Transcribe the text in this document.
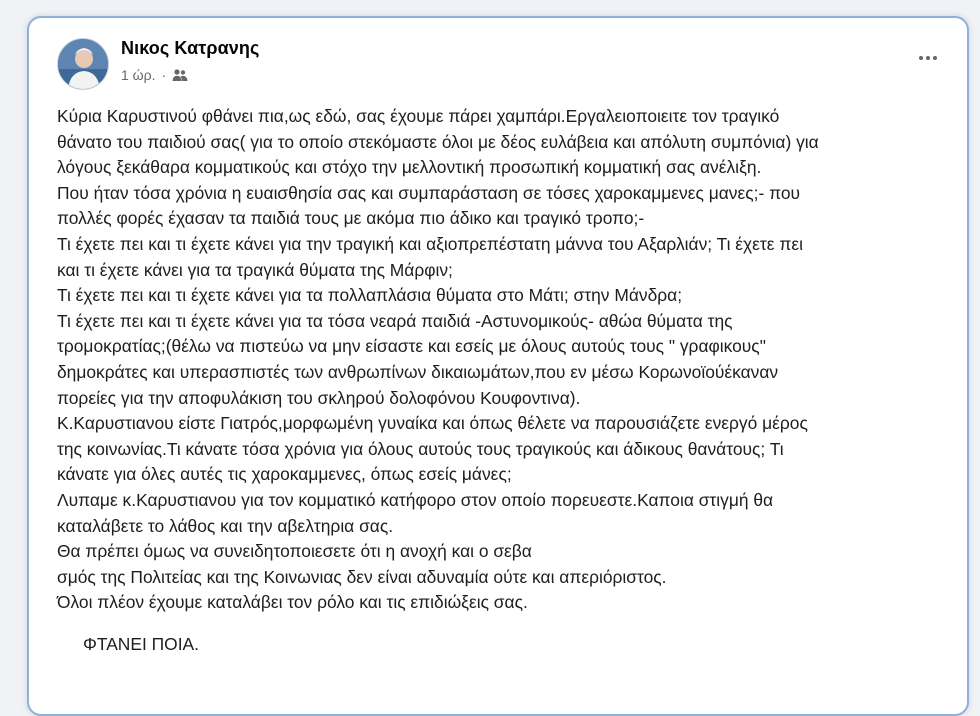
Νικος Κατρανης
1 ώρ. ·
Κύρια Καρυστινού φθάνει πια,ως εδώ, σας έχουμε πάρει χαμπάρι.Εργαλειοποιειτε τον τραγικό
θάνατο του παιδιού σας( για το οποίο στεκόμαστε όλοι με δέος ευλάβεια και απόλυτη συμπόνια) για
λόγους ξεκάθαρα κομματικούς και στόχο την μελλοντική προσωπική κομματική σας ανέλιξη.
Που ήταν τόσα χρόνια η ευαισθησία σας και συμπαράσταση σε τόσες χαροκαμμενες μανες;- που
πολλές φορές έχασαν τα παιδιά τους με ακόμα πιο άδικο και τραγικό τροπο;-
Τι έχετε πει και τι έχετε κάνει για την τραγική και αξιοπρεπέστατη μάννα του Αξαρλιάν; Τι έχετε πει
και τι έχετε κάνει για τα τραγικά θύματα της Μάρφιν;
Τι έχετε πει και τι έχετε κάνει για τα πολλαπλάσια θύματα στο Μάτι; στην Μάνδρα;
Τι έχετε πει και τι έχετε κάνει για τα τόσα νεαρά παιδιά -Αστυνομικούς- αθώα θύματα της
τρομοκρατίας;(θέλω να πιστεύω να μην είσαστε και εσείς με όλους αυτούς τους " γραφικους"
δημοκράτες και υπερασπιστές των ανθρωπίνων δικαιωμάτων,που εν μέσω Κορωνοϊούέκαναν
πορείες για την αποφυλάκιση του σκληρού δολοφόνου Κουφοντινα).
Κ.Καρυστιανου είστε Γιατρός,μορφωμένη γυναίκα και όπως θέλετε να παρουσιάζετε ενεργό μέρος
της κοινωνίας.Τι κάνατε τόσα χρόνια για όλους αυτούς τους τραγικούς και άδικους θανάτους; Τι
κάνατε για όλες αυτές τις χαροκαμμενες, όπως εσείς μάνες;
Λυπαμε κ.Καρυστιανου για τον κομματικό κατήφορο στον οποίο πορευεστε.Καποια στιγμή θα
καταλάβετε το λάθος και την αβελτηρια σας.
Θα πρέπει όμως να συνειδητοποιεσετε ότι η ανοχή και ο σεβα
σμός της Πολιτείας και της Κοινωνιας δεν είναι αδυναμία ούτε και απεριόριστος.
Όλοι πλέον έχουμε καταλάβει τον ρόλο και τις επιδιώξεις σας.
ΦΤΑΝΕΙ ΠΟΙΑ.
